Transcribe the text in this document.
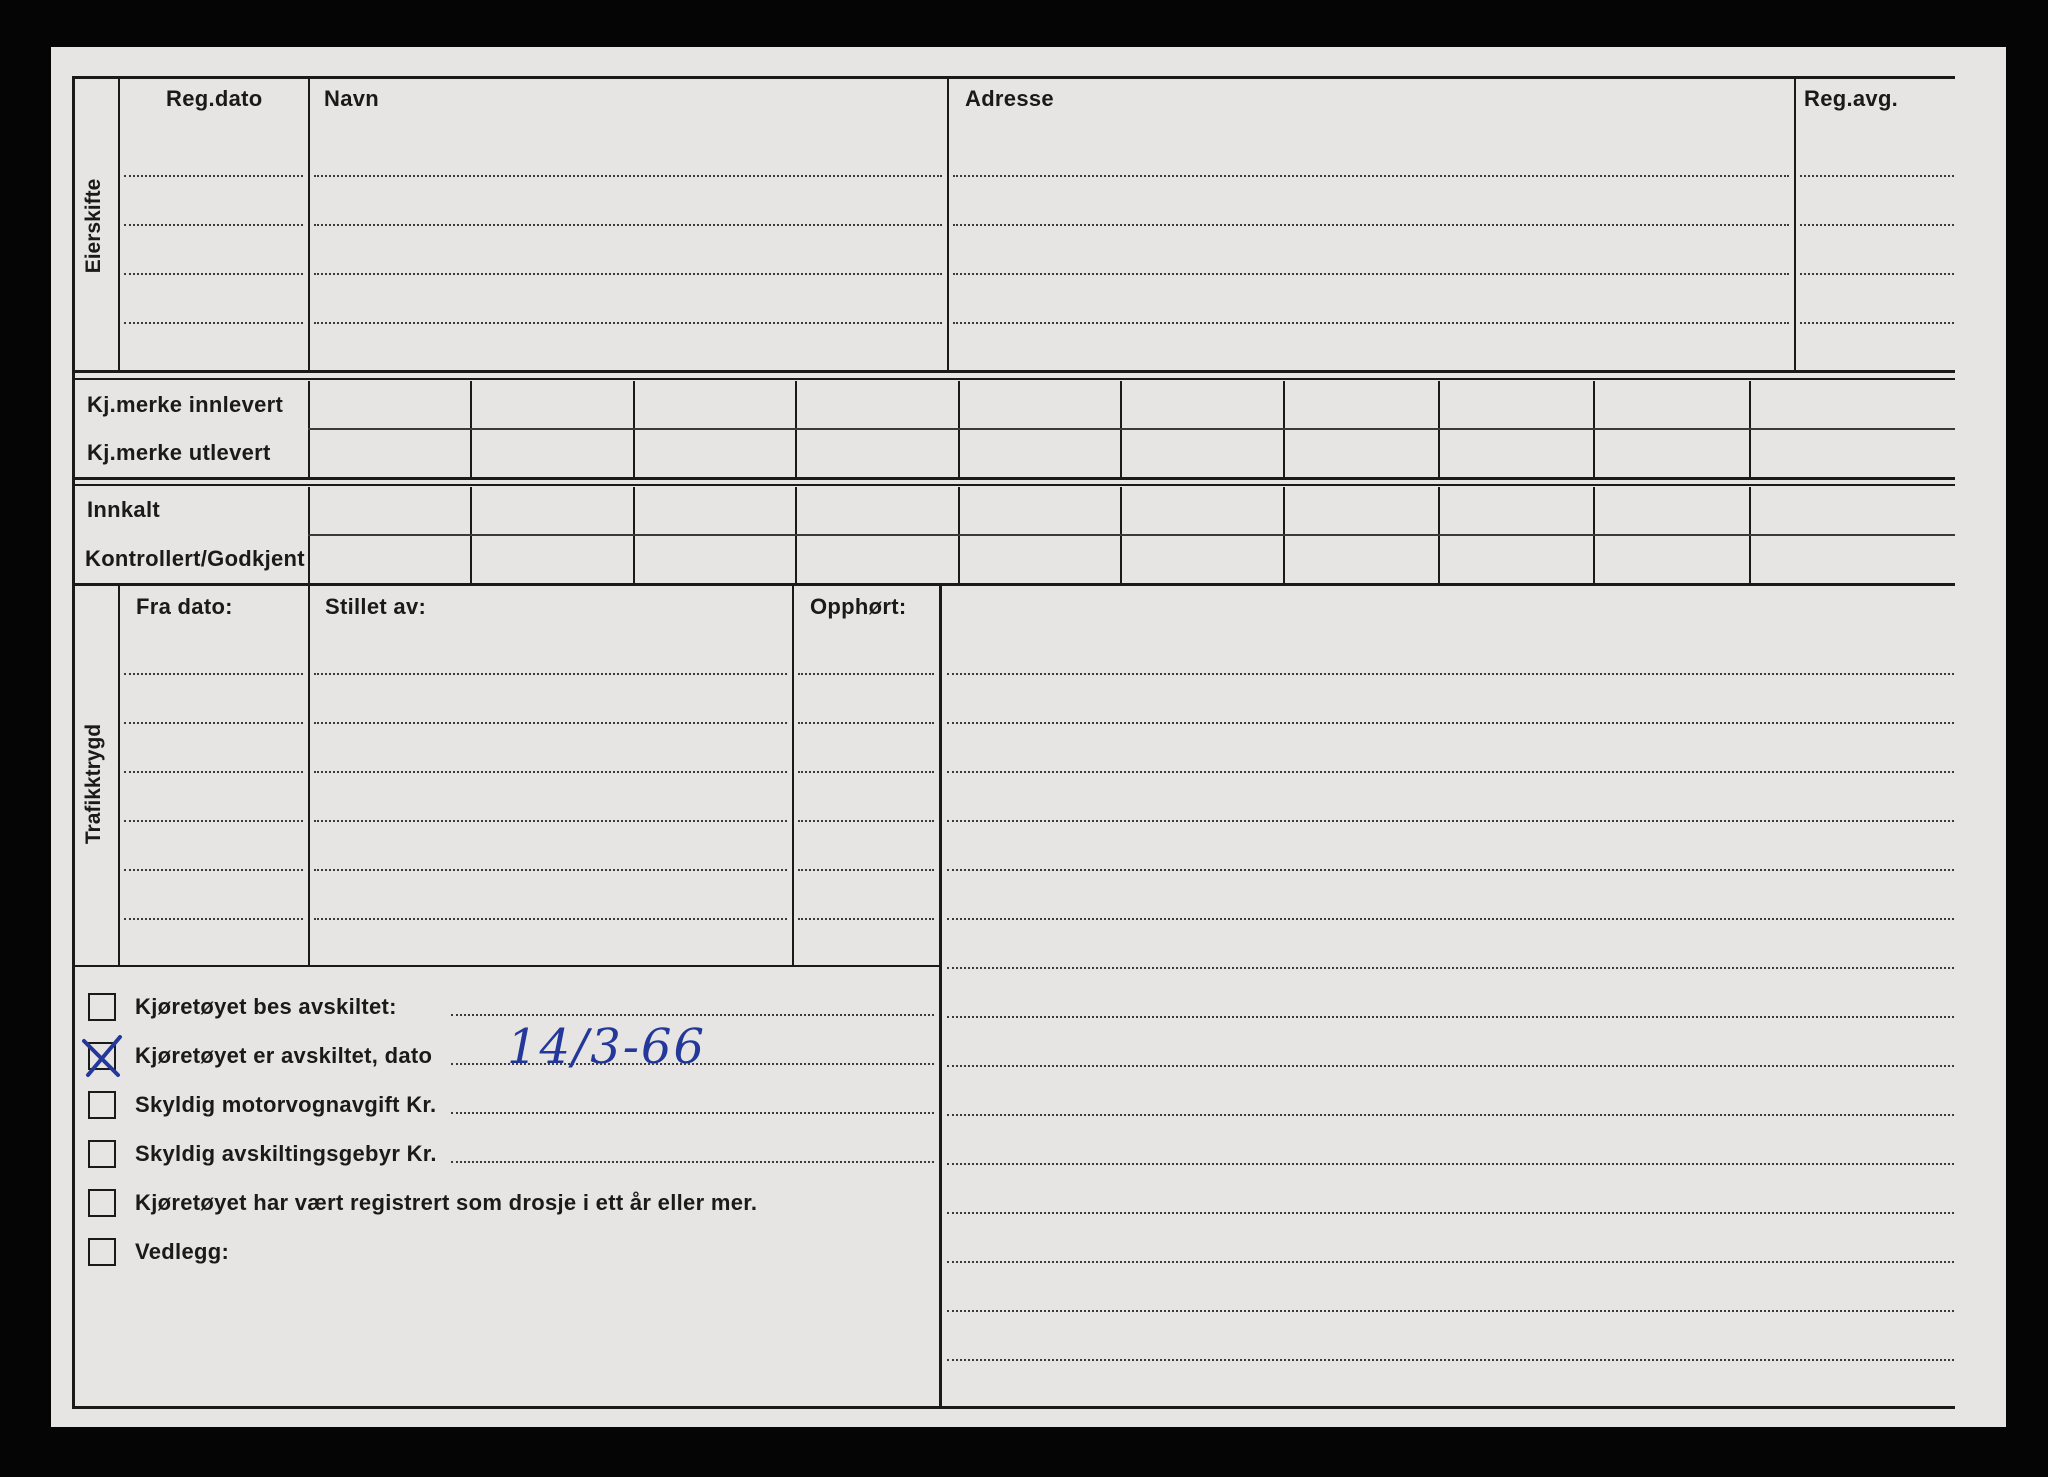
Eierskifte
Reg.dato	Navn	Adresse	Reg.avg.
Kj.merke innlevert
Kj.merke utlevert
Innkalt
Kontrollert/Godkjent
Trafikktrygd
Fra dato:	Stillet av:	Opphørt:
Kjøretøyet bes avskiltet:
Kjøretøyet er avskiltet, dato 14/3-66
Skyldig motorvognavgift Kr.
Skyldig avskiltingsgebyr Kr.
Kjøretøyet har vært registrert som drosje i ett år eller mer.
Vedlegg:
